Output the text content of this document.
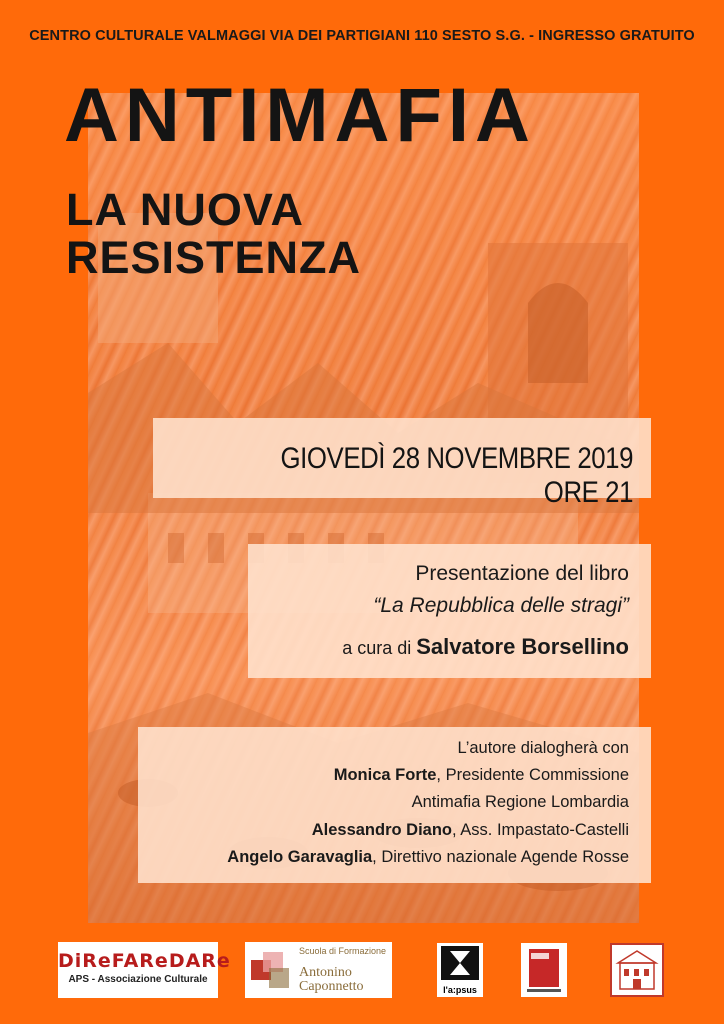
CENTRO CULTURALE VALMAGGI VIA DEI PARTIGIANI 110 SESTO S.G. - INGRESSO GRATUITO
ANTIMAFIA
LA NUOVA
RESISTENZA
GIOVEDÌ 28 NOVEMBRE 2019 ORE 21
Presentazione del libro
“La Repubblica delle stragi”
a cura di Salvatore Borsellino
L’autore dialogherà con
Monica Forte, Presidente Commissione
Antimafia Regione Lombardia
Alessandro Diano, Ass. Impastato-Castelli
Angelo Garavaglia, Direttivo nazionale Agende Rosse
DiReFAReDARe
APS - Associazione Culturale
Scuola di Formazione
Antonino
Caponnetto	l'a:psus
